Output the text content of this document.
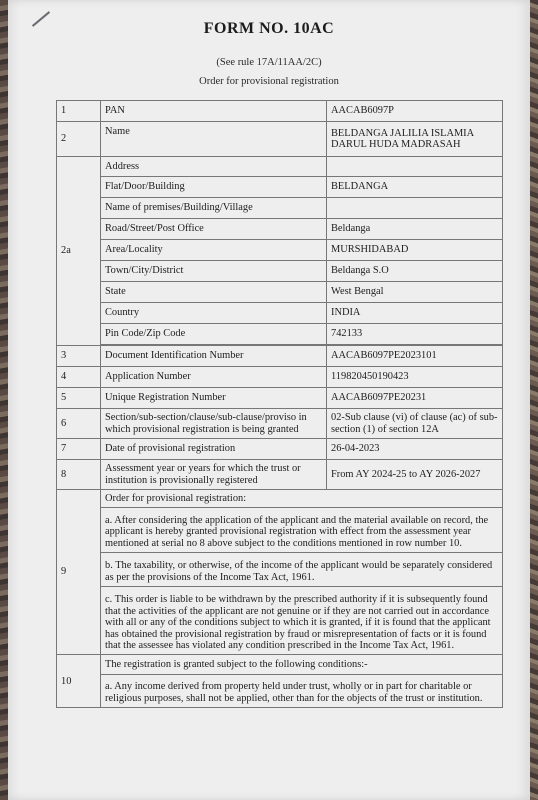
FORM NO. 10AC
(See rule 17A/11AA/2C)
Order for provisional registration
1	PAN	AACAB6097P
2	Name	BELDANGA JALILIA ISLAMIA DARUL HUDA MADRASAH
2a	Address	
	Flat/Door/Building	BELDANGA
	Name of premises/Building/Village	
	Road/Street/Post Office	Beldanga
	Area/Locality	MURSHIDABAD
	Town/City/District	Beldanga S.O
	State	West Bengal
	Country	INDIA
	Pin Code/Zip Code	742133

3	Document Identification Number	AACAB6097PE2023101
4	Application Number	119820450190423
5	Unique Registration Number	AACAB6097PE20231
6	Section/sub-section/clause/sub-clause/proviso in which provisional registration is being granted	02-Sub clause (vi) of clause (ac) of sub-section (1) of section 12A
7	Date of provisional registration	26-04-2023
8	Assessment year or years for which the trust or institution is provisionally registered	From AY 2024-25 to AY 2026-2027
9	Order for provisional registration:	
	a. After considering the application of the applicant and the material available on record, the applicant is hereby granted provisional registration with effect from the assessment year mentioned at serial no 8 above subject to the conditions mentioned in row number 10.	
	b. The taxability, or otherwise, of the income of the applicant would be separately considered as per the provisions of the Income Tax Act, 1961.	
	c. This order is liable to be withdrawn by the prescribed authority if it is subsequently found that the activities of the applicant are not genuine or if they are not carried out in accordance with all or any of the conditions subject to which it is granted, if it is found that the applicant has obtained the provisional registration by fraud or misrepresentation of facts or it is found that the assessee has violated any condition prescribed in the Income Tax Act, 1961.	
10	The registration is granted subject to the following conditions:-	
	a. Any income derived from property held under trust, wholly or in part for charitable or religious purposes, shall not be applied, other than for the objects of the trust or institution.	
